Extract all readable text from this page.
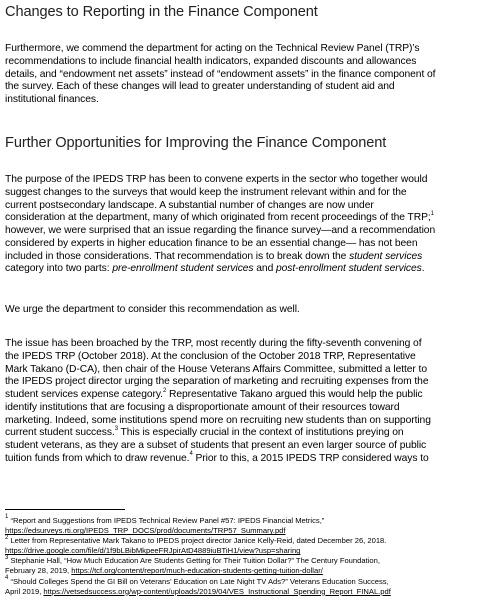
Changes to Reporting in the Finance Component
Furthermore, we commend the department for acting on the Technical Review Panel (TRP)’s
recommendations to include financial health indicators, expanded discounts and allowances
details, and “endowment net assets” instead of “endowment assets” in the finance component of
the survey. Each of these changes will lead to greater understanding of student aid and
institutional finances.
Further Opportunities for Improving the Finance Component
The purpose of the IPEDS TRP has been to convene experts in the sector who together would
suggest changes to the surveys that would keep the instrument relevant within and for the
current postsecondary landscape. A substantial number of changes are now under
consideration at the department, many of which originated from recent proceedings of the TRP;$^1$
however, we were surprised that an issue regarding the finance survey—and a recommendation
considered by experts in higher education finance to be an essential change— has not been
included in those considerations. That recommendation is to break down the student services
category into two parts: pre-enrollment student services and post-enrollment student services.
We urge the department to consider this recommendation as well.
The issue has been broached by the TRP, most recently during the fifty-seventh convening of
the IPEDS TRP (October 2018). At the conclusion of the October 2018 TRP, Representative
Mark Takano (D-CA), then chair of the House Veterans Affairs Committee, submitted a letter to
the IPEDS project director urging the separation of marketing and recruiting expenses from the
student services expense category.$^2$ Representative Takano argued this would help the public
identify institutions that are focusing a disproportionate amount of their resources toward
marketing. Indeed, some institutions spend more on recruiting new students than on supporting
current student success.$^3$ This is especially crucial in the context of institutions preying on
student veterans, as they are a subset of students that present an even larger source of public
tuition funds from which to draw revenue.$^4$ Prior to this, a 2015 IPEDS TRP considered ways to
$^1$ “Report and Suggestions from IPEDS Technical Review Panel #57: IPEDS Financial Metrics,”
https://edsurveys.rti.org/IPEDS_TRP_DOCS/prod/documents/TRP57_Summary.pdf
$^2$ Letter from Representative Mark Takano to IPEDS project director Janice Kelly-Reid, dated December 26, 2018.
https://drive.google.com/file/d/1f9bLBibMkpeeFRJpirAtD4889iuBTiH1/view?usp=sharing
$^3$ Stephanie Hall, “How Much Education Are Students Getting for Their Tuition Dollar?” The Century Foundation,
February 28, 2019, https://tcf.org/content/report/much-education-students-getting-tuition-dollar/
$^4$ “Should Colleges Spend the GI Bill on Veterans’ Education on Late Night TV Ads?” Veterans Education Success,
April 2019, https://vetsedsuccess.org/wp-content/uploads/2019/04/VES_Instructional_Spending_Report_FINAL.pdf
